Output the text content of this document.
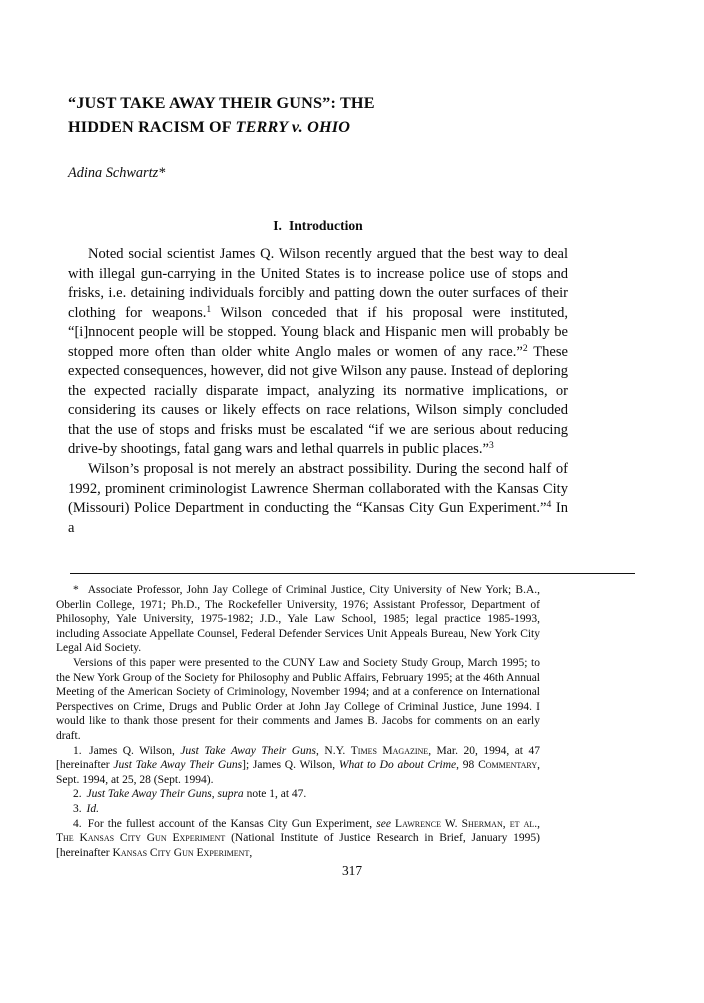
“JUST TAKE AWAY THEIR GUNS”: THE
HIDDEN RACISM OF TERRY v. OHIO

Adina Schwartz*

I. Introduction

Noted social scientist James Q. Wilson recently argued that the best way to deal with illegal gun-carrying in the United States is to increase police use of stops and frisks, i.e. detaining individuals forcibly and patting down the outer surfaces of their clothing for weapons.$^1$ Wilson conceded that if his proposal were instituted, “[i]nnocent people will be stopped. Young black and Hispanic men will probably be stopped more often than older white Anglo males or women of any race.”$^2$ These expected consequences, however, did not give Wilson any pause. Instead of deploring the expected racially disparate impact, analyzing its normative implications, or considering its causes or likely effects on race relations, Wilson simply concluded that the use of stops and frisks must be escalated “if we are serious about reducing drive-by shootings, fatal gang wars and lethal quarrels in public places.”$^3$

Wilson’s proposal is not merely an abstract possibility. During the second half of 1992, prominent criminologist Lawrence Sherman collaborated with the Kansas City (Missouri) Police Department in conducting the “Kansas City Gun Experiment.”$^4$ In a

* Associate Professor, John Jay College of Criminal Justice, City University of New York; B.A., Oberlin College, 1971; Ph.D., The Rockefeller University, 1976; Assistant Professor, Department of Philosophy, Yale University, 1975-1982; J.D., Yale Law School, 1985; legal practice 1985-1993, including Associate Appellate Counsel, Federal Defender Services Unit Appeals Bureau, New York City Legal Aid Society.

Versions of this paper were presented to the CUNY Law and Society Study Group, March 1995; to the New York Group of the Society for Philosophy and Public Affairs, February 1995; at the 46th Annual Meeting of the American Society of Criminology, November 1994; and at a conference on International Perspectives on Crime, Drugs and Public Order at John Jay College of Criminal Justice, June 1994. I would like to thank those present for their comments and James B. Jacobs for comments on an early draft.

1. James Q. Wilson, Just Take Away Their Guns, N.Y. Times Magazine, Mar. 20, 1994, at 47 [hereinafter Just Take Away Their Guns]; James Q. Wilson, What to Do about Crime, 98 Commentary, Sept. 1994, at 25, 28 (Sept. 1994).

2. Just Take Away Their Guns, supra note 1, at 47.

3. Id.

4. For the fullest account of the Kansas City Gun Experiment, see Lawrence W. Sherman, et al., The Kansas City Gun Experiment (National Institute of Justice Research in Brief, January 1995) [hereinafter Kansas City Gun Experiment,

317
